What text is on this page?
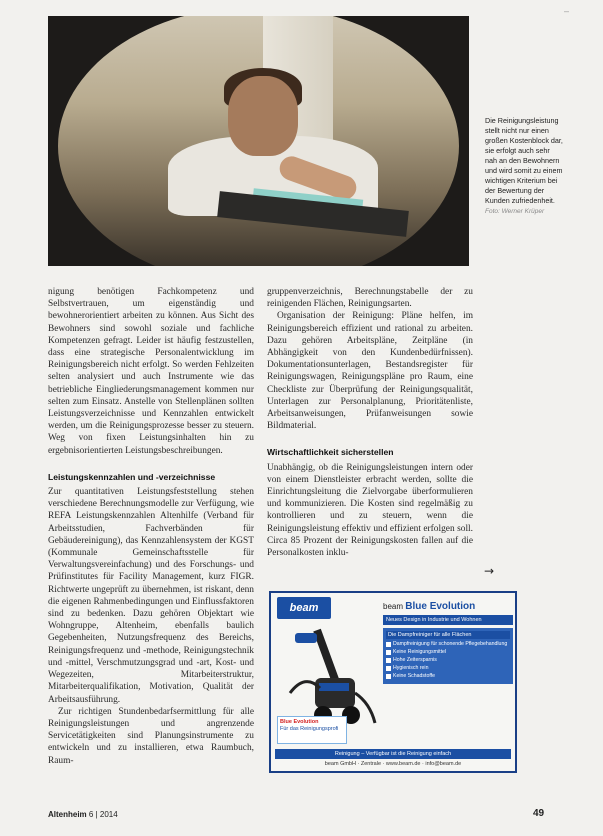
–
Die Reinigungsleistung stellt nicht nur einen großen Kostenblock dar, sie erfolgt auch sehr nah an den Bewohnern und wird somit zu einem wichtigen Kriterium bei der Bewertung der Kunden zufriedenheit.
Foto: Werner Krüper

nigung benötigen Fachkompetenz und Selbstvertrauen, um eigenständig und bewohnerorientiert arbeiten zu können. Aus Sicht des Bewohners sind sowohl soziale und fachliche Kompetenzen gefragt. Leider ist häufig festzustellen, dass eine strategische Personalentwicklung im Reinigungsbereich nicht erfolgt. So werden Fehlzeiten selten analysiert und auch Instrumente wie das betriebliche Eingliederungsmanagement kommen nur selten zum Einsatz. Anstelle von Stellenplänen sollten Leistungsverzeichnisse und Kennzahlen entwickelt werden, um die Reinigungsprozesse besser zu steuern. Weg von fixen Leistungsinhalten hin zu ergebnisorientierten Leistungsbeschreibungen.

Leistungskennzahlen und -verzeichnisse

Zur quantitativen Leistungsfeststellung stehen verschiedene Berechnungsmodelle zur Verfügung, wie REFA Leistungskennzahlen Altenhilfe (Verband für Arbeitsstudien, Fachverbänden für Gebäudereinigung), das Kennzahlensystem der KGST (Kommunale Gemeinschaftsstelle für Verwaltungsvereinfachung) und des Forschungs- und Prüfinstitutes für Facility Management, kurz FIGR. Richtwerte ungeprüft zu übernehmen, ist riskant, denn die eigenen Rahmenbedingungen und Einflussfaktoren sind zu bedenken. Dazu gehören Objektart wie Wohngruppe, Altenheim, ebenfalls baulich Gegebenheiten, Nutzungsfrequenz des Bereichs, Reinigungsfrequenz und -methode, Reinigungstechnik und -mittel, Verschmutzungsgrad und -art, Kost- und Wegezeiten, Mitarbeiterstruktur, Mitarbeiterqualifikation, Motivation, Qualität der Arbeitsausführung.

Zur richtigen Stundenbedarfsermittlung für alle Reinigungsleistungen und angrenzende Servicetätigkeiten sind Planungsinstrumente zu entwickeln und zu installieren, etwa Raumbuch, Raum-

gruppenverzeichnis, Berechnungstabelle der zu reinigenden Flächen, Reinigungsarten.

Organisation der Reinigung: Pläne helfen, im Reinigungsbereich effizient und rational zu arbeiten. Dazu gehören Arbeitspläne, Zeitpläne (in Abhängigkeit von den Kundenbedürfnissen). Dokumentationsunterlagen, Bestandsregister für Reinigungswagen, Reinigungspläne pro Raum, eine Checkliste zur Überprüfung der Reinigungsqualität, Unterlagen zur Personalplanung, Prioritätenliste, Arbeitsanweisungen, Prüfanweisungen sowie Bildmaterial.

Wirtschaftlichkeit sicherstellen

Unabhängig, ob die Reinigungsleistungen intern oder von einem Dienstleister erbracht werden, sollte die Einrichtungsleitung die Zielvorgabe überformulieren und kommunizieren. Die Kosten sind regelmäßig zu kontrollieren und zu steuern, wenn die Reinigungsleistung effektiv und effizient erfolgen soll. Circa 85 Prozent der Reinigungskosten fallen auf die Personalkosten inklu-

→
beam
Blue Evolution
Für das Reinigungsprofi
beam Blue Evolution
Neues Design in Industrie und Wohnen
Die Dampfreiniger für alle Flächen
Dampfreinigung für schonende Pflegebehandlung
Keine Reinigungsmittel
Hohe Zeitersparnis
Hygienisch rein
Keine Schadstoffe
Reinigung – Verfügbar ist die Reinigung einfach
beam GmbH · Zentrale · www.beam.de · info@beam.de
Altenheim 6 | 2014	49
